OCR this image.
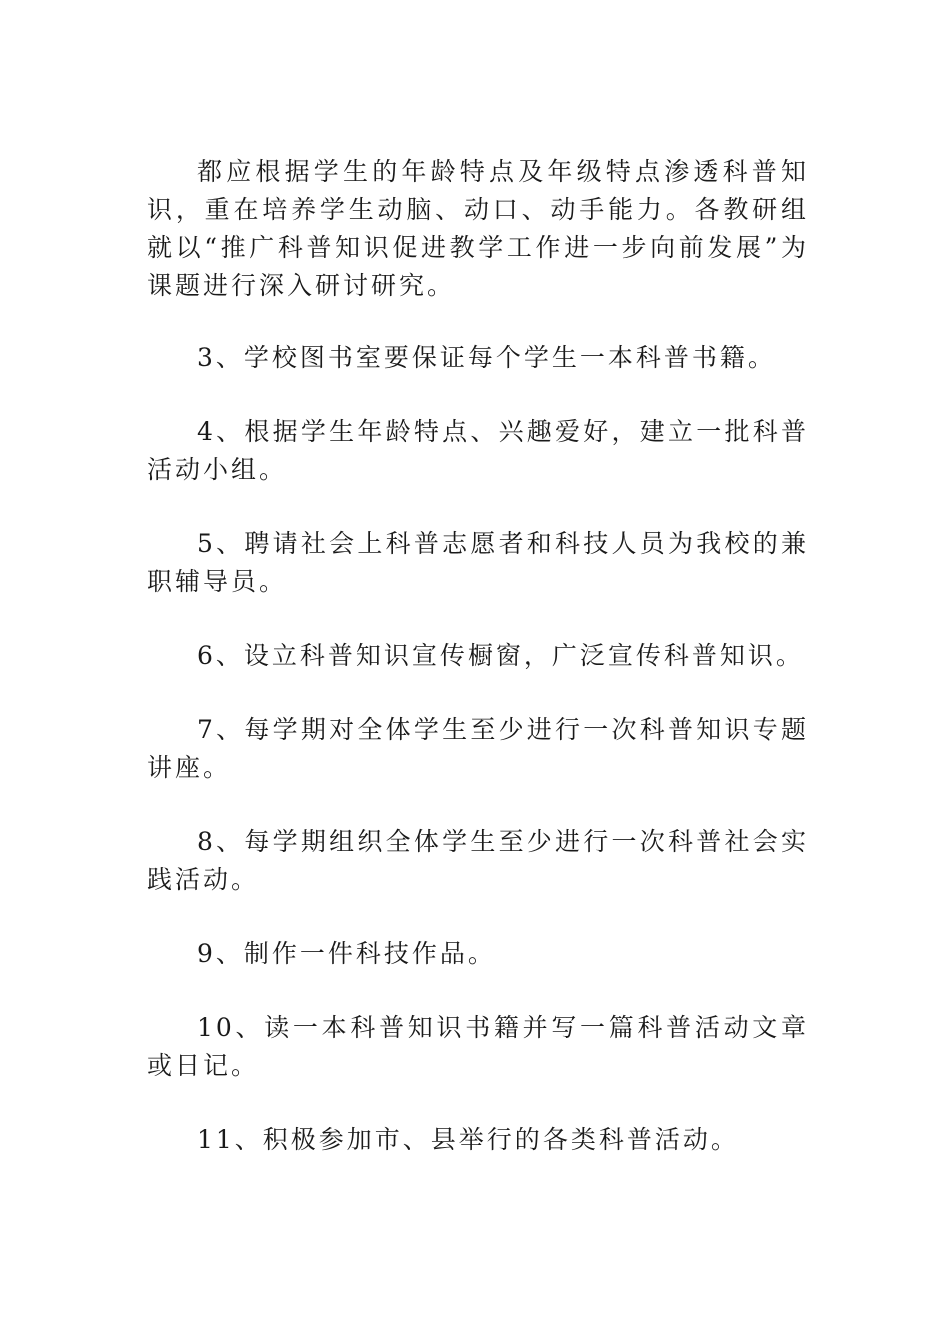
都应根据学生的年龄特点及年级特点渗透科普知识，重在培养学生动脑、动口、动手能力。各教研组就以“推广科普知识促进教学工作进一步向前发展”为课题进行深入研讨研究。

3、学校图书室要保证每个学生一本科普书籍。

4、根据学生年龄特点、兴趣爱好，建立一批科普活动小组。

5、聘请社会上科普志愿者和科技人员为我校的兼职辅导员。

6、设立科普知识宣传橱窗，广泛宣传科普知识。

7、每学期对全体学生至少进行一次科普知识专题讲座。

8、每学期组织全体学生至少进行一次科普社会实践活动。

9、制作一件科技作品。

10、读一本科普知识书籍并写一篇科普活动文章或日记。

11、积极参加市、县举行的各类科普活动。
